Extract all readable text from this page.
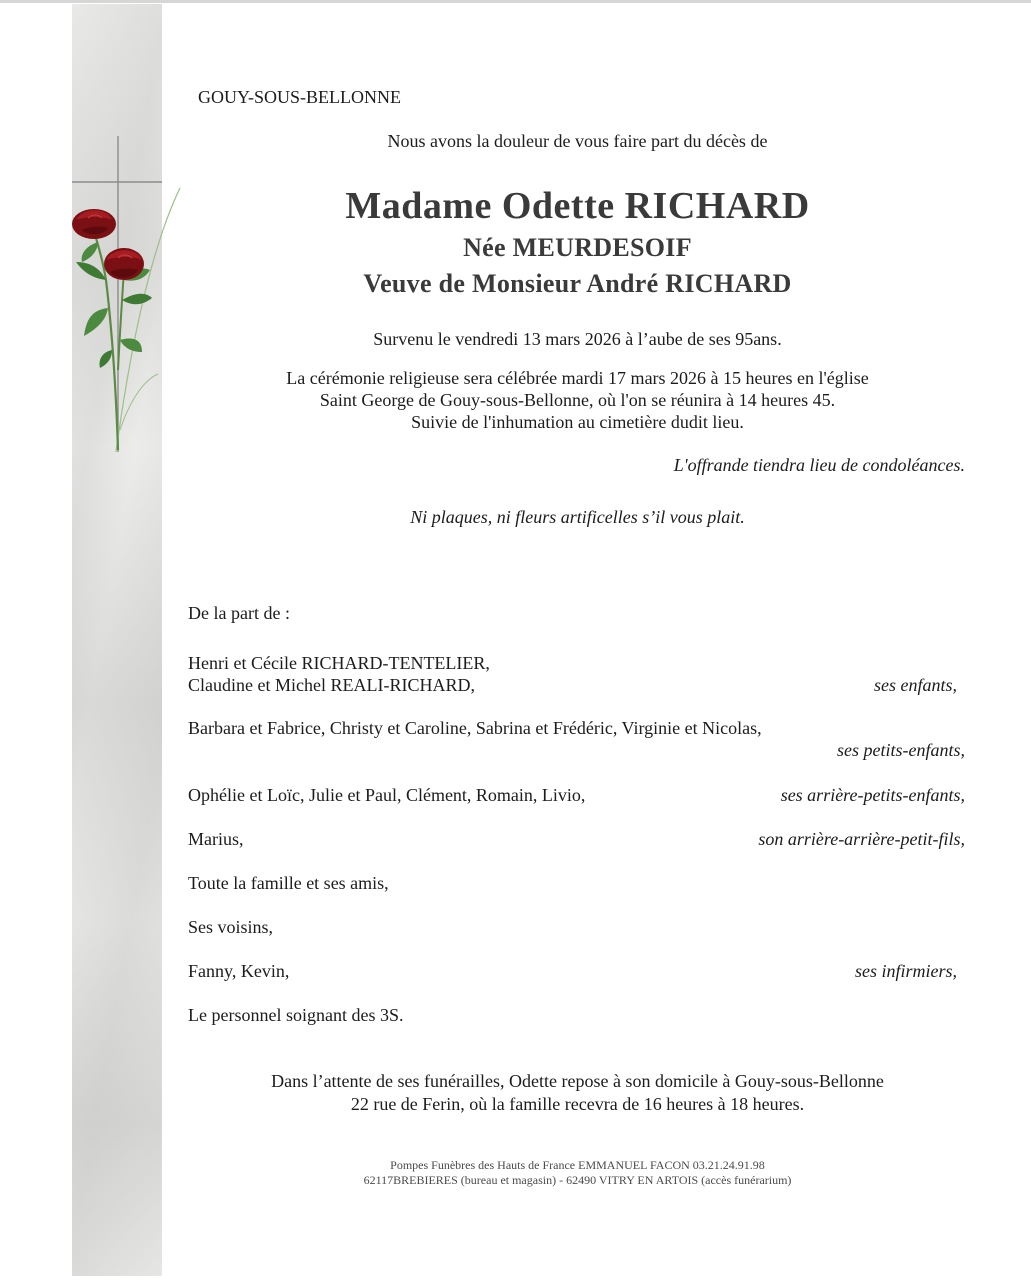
GOUY-SOUS-BELLONNE
Nous avons la douleur de vous faire part du décès de
Madame Odette RICHARD
Née MEURDESOIF
Veuve de Monsieur André RICHARD
Survenu le vendredi 13 mars 2026 à l’aube de ses 95ans.
La cérémonie religieuse sera célébrée mardi 17 mars 2026 à 15 heures en l'église
Saint George de Gouy-sous-Bellonne, où l'on se réunira à 14 heures 45.
Suivie de l'inhumation au cimetière dudit lieu.
L'offrande tiendra lieu de condoléances.
Ni plaques, ni fleurs artificelles s’il vous plait.
De la part de :
Henri et Cécile RICHARD-TENTELIER,
Claudine et Michel REALI-RICHARD,	ses enfants,
Barbara et Fabrice, Christy et Caroline, Sabrina et Frédéric, Virginie et Nicolas,
ses petits-enfants,
Ophélie et Loïc, Julie et Paul, Clément, Romain, Livio,	ses arrière-petits-enfants,
Marius,	son arrière-arrière-petit-fils,
Toute la famille et ses amis,
Ses voisins,
Fanny, Kevin,	ses infirmiers,
Le personnel soignant des 3S.
Dans l’attente de ses funérailles, Odette repose à son domicile à Gouy-sous-Bellonne
22 rue de Ferin, où la famille recevra de 16 heures à 18 heures.
Pompes Funèbres des Hauts de France EMMANUEL FACON 03.21.24.91.98
62117BREBIERES (bureau et magasin) - 62490 VITRY EN ARTOIS (accès funérarium)
